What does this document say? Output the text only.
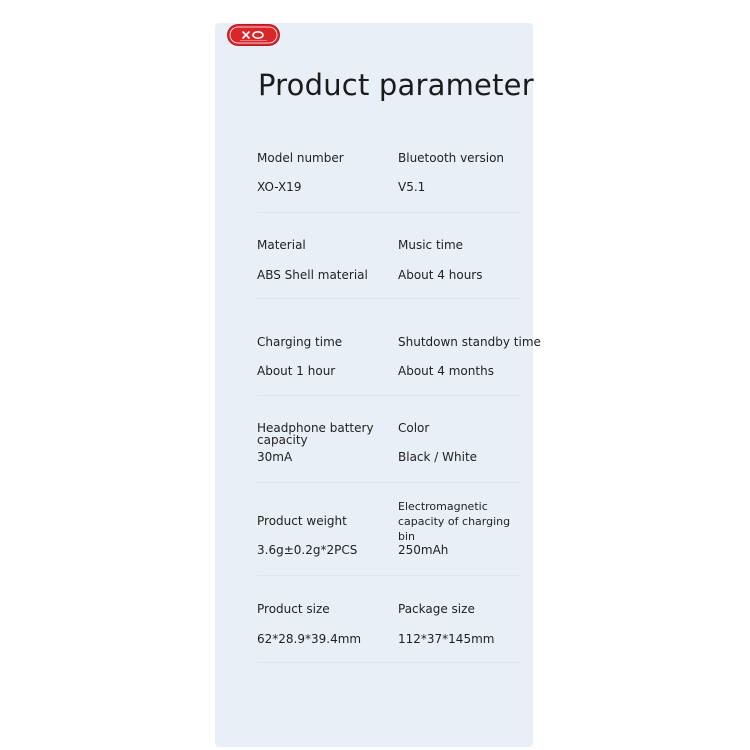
Product parameter
Model number
XO-X19
Bluetooth version
V5.1
Material
ABS Shell material
Music time
About 4 hours
Charging time
About 1 hour
Shutdown standby time
About 4 months
Headphone battery capacity
30mA
Color
Black / White
Product weight
3.6g±0.2g*2PCS
Electromagnetic capacity of charging bin
250mAh
Product size
62*28.9*39.4mm
Package size
112*37*145mm
